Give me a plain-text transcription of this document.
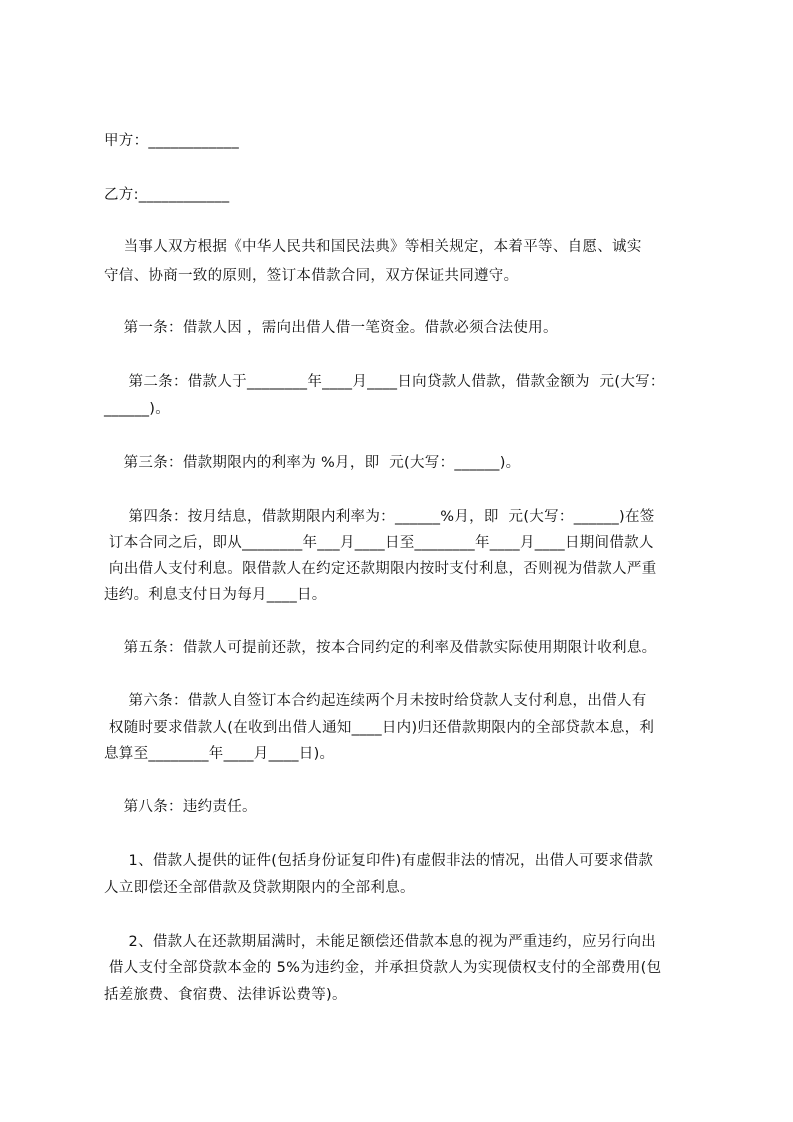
甲方：____________
乙方:____________
当事人双方根据《中华人民共和国民法典》等相关规定，本着平等、自愿、诚实
守信、协商一致的原则，签订本借款合同，双方保证共同遵守。
第一条：借款人因 ，需向出借人借一笔资金。借款必须合法使用。
第二条：借款人于________年____月____日向贷款人借款，借款金额为  元(大写：
______)。
第三条：借款期限内的利率为 %月，即  元(大写：______)。
第四条：按月结息，借款期限内利率为：______%月，即  元(大写：______)在签
订本合同之后，即从________年___月____日至________年____月____日期间借款人
向出借人支付利息。限借款人在约定还款期限内按时支付利息，否则视为借款人严重
违约。利息支付日为每月____日。
第五条：借款人可提前还款，按本合同约定的利率及借款实际使用期限计收利息。
第六条：借款人自签订本合约起连续两个月未按时给贷款人支付利息，出借人有
权随时要求借款人(在收到出借人通知____日内)归还借款期限内的全部贷款本息，利
息算至________年____月____日)。
第八条：违约责任。
1、借款人提供的证件(包括身份证复印件)有虚假非法的情况，出借人可要求借款
人立即偿还全部借款及贷款期限内的全部利息。
2、借款人在还款期届满时，未能足额偿还借款本息的视为严重违约，应另行向出
借人支付全部贷款本金的 5%为违约金，并承担贷款人为实现债权支付的全部费用(包
括差旅费、食宿费、法律诉讼费等)。
